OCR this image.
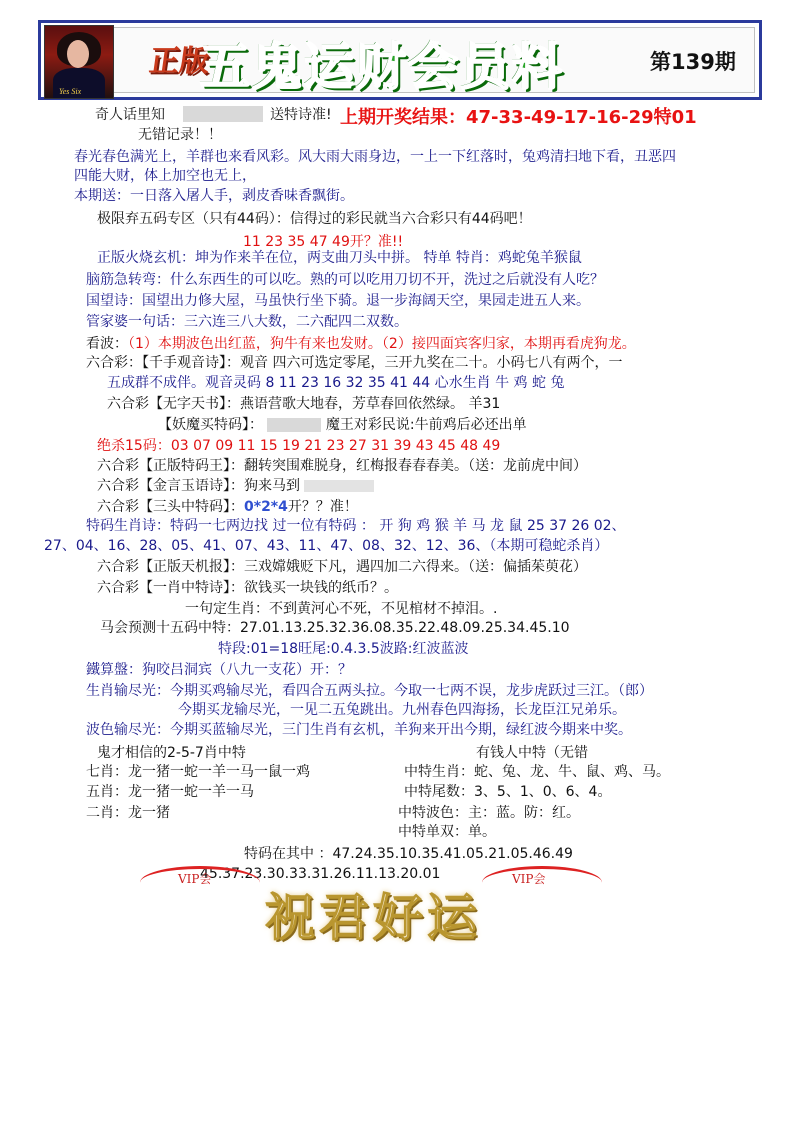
Yes Six
正版
五鬼运财会员料	第139期
奇人话里知	送特诗准! 上期开奖结果：47-33-49-17-16-29特01
无错记录！！
春光春色满光上，羊群也来看风彩。风大雨大雨身边，一上一下红落时，兔鸡清扫地下看，丑恶四
四能大财，体上加空也无上，
本期送：一日落入屠人手，剥皮香味香飘街。
极限弃五码专区（只有44码）：信得过的彩民就当六合彩只有44码吧！
11 23 35 47 49开？准!!
正版火烧玄机：坤为作来羊在位，两支曲刀头中拼。 特单 特肖：鸡蛇兔羊猴鼠
脑筋急转弯：什么东西生的可以吃。熟的可以吃用刀切不开，洗过之后就没有人吃？
国望诗：国望出力修大屋，马虽快行坐下骑。退一步海阔天空，果园走进五人来。
管家婆一句话：三六连三八大数，二六配四二双数。
看波：（1）本期波色出红蓝，狗牛有来也发财。（2）接四面宾客归家，本期再看虎狗龙。
六合彩：【千手观音诗】：观音 四六可选定零尾，三开九奖在二十。小码七八有两个，一
五成群不成伴。观音灵码 8 11 23 16 32 35 41 44 心水生肖 牛 鸡 蛇 兔
六合彩【无字天书】：燕语营歌大地春，芳草春回依然绿。 羊31
【妖魔买特码】：	魔王对彩民说:牛前鸡后必还出单
绝杀15码：03 07 09 11 15 19 21 23 27 31 39 43 45 48 49
六合彩【正版特码王】：翻转突围难脱身，红梅报春春春美。（送：龙前虎中间）
六合彩【金言玉语诗】：狗来马到
六合彩【三头中特码】：0*2*4开？？准！
特码生肖诗：特码一七两边找 过一位有特码 ： 开 狗 鸡 猴 羊 马 龙 鼠 25 37 26 02、
27、04、16、28、05、41、07、43、11、47、08、32、12、36、（本期可稳蛇杀肖）
六合彩【正版天机报】：三戏嫦娥贬下凡，遇四加二六得来。（送：偏插茱萸花）
六合彩【一肖中特诗】：欲钱买一块钱的纸币？。
一句定生肖：不到黄河心不死，不见棺材不掉泪。.
马会预测十五码中特：27.01.13.25.32.36.08.35.22.48.09.25.34.45.10
特段:01=18旺尾:0.4.3.5波路:红波蓝波
鐵算盤：狗咬吕洞宾（八九一支花）开：？
生肖输尽光：今期买鸡输尽光，看四合五两头拉。今取一七两不误，龙步虎跃过三江。（郎）
今期买龙输尽光，一见二五兔跳出。九州春色四海扬，长龙臣江兄弟乐。
波色输尽光：今期买蓝输尽光，三门生肖有玄机，羊狗来开出今期，绿红波今期来中奖。
鬼才相信的2-5-7肖中特
七肖：龙一猪一蛇一羊一马一鼠一鸡
五肖：龙一猪一蛇一羊一马
二肖：龙一猪
有钱人中特（无错
中特生肖：蛇、兔、龙、牛、鼠、鸡、马。
中特尾数：3、5、1、0、6、4。
中特波色：主：蓝。防：红。
中特单双：单。
特码在其中 ：47.24.35.10.35.41.05.21.05.46.49
45.37.23.30.33.31.26.11.13.20.01
VIP会	VIP会
祝君好运
